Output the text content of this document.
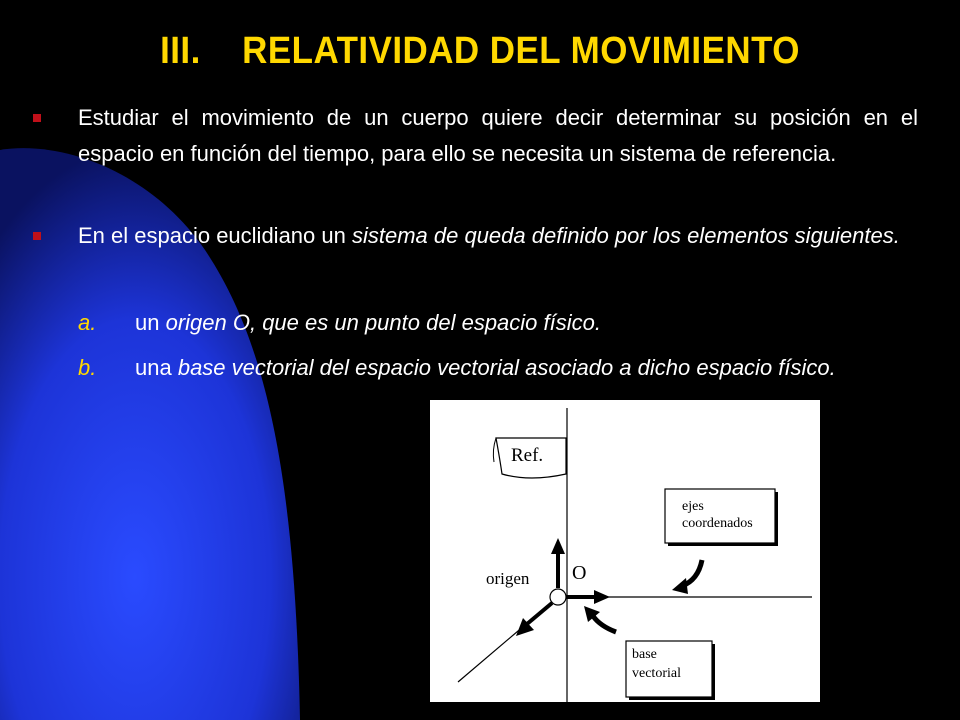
III. RELATIVIDAD DEL MOVIMIENTO
Estudiar el movimiento de un cuerpo quiere decir determinar su posición en el espacio en función del tiempo, para ello se necesita un sistema de referencia.
En el espacio euclidiano un sistema de queda definido por los elementos siguientes.
a. un origen O, que es un punto del espacio físico.
b. una base vectorial del espacio vectorial asociado a dicho espacio físico.
Ref.
ejes
coordenados
O
origen
base
vectorial
